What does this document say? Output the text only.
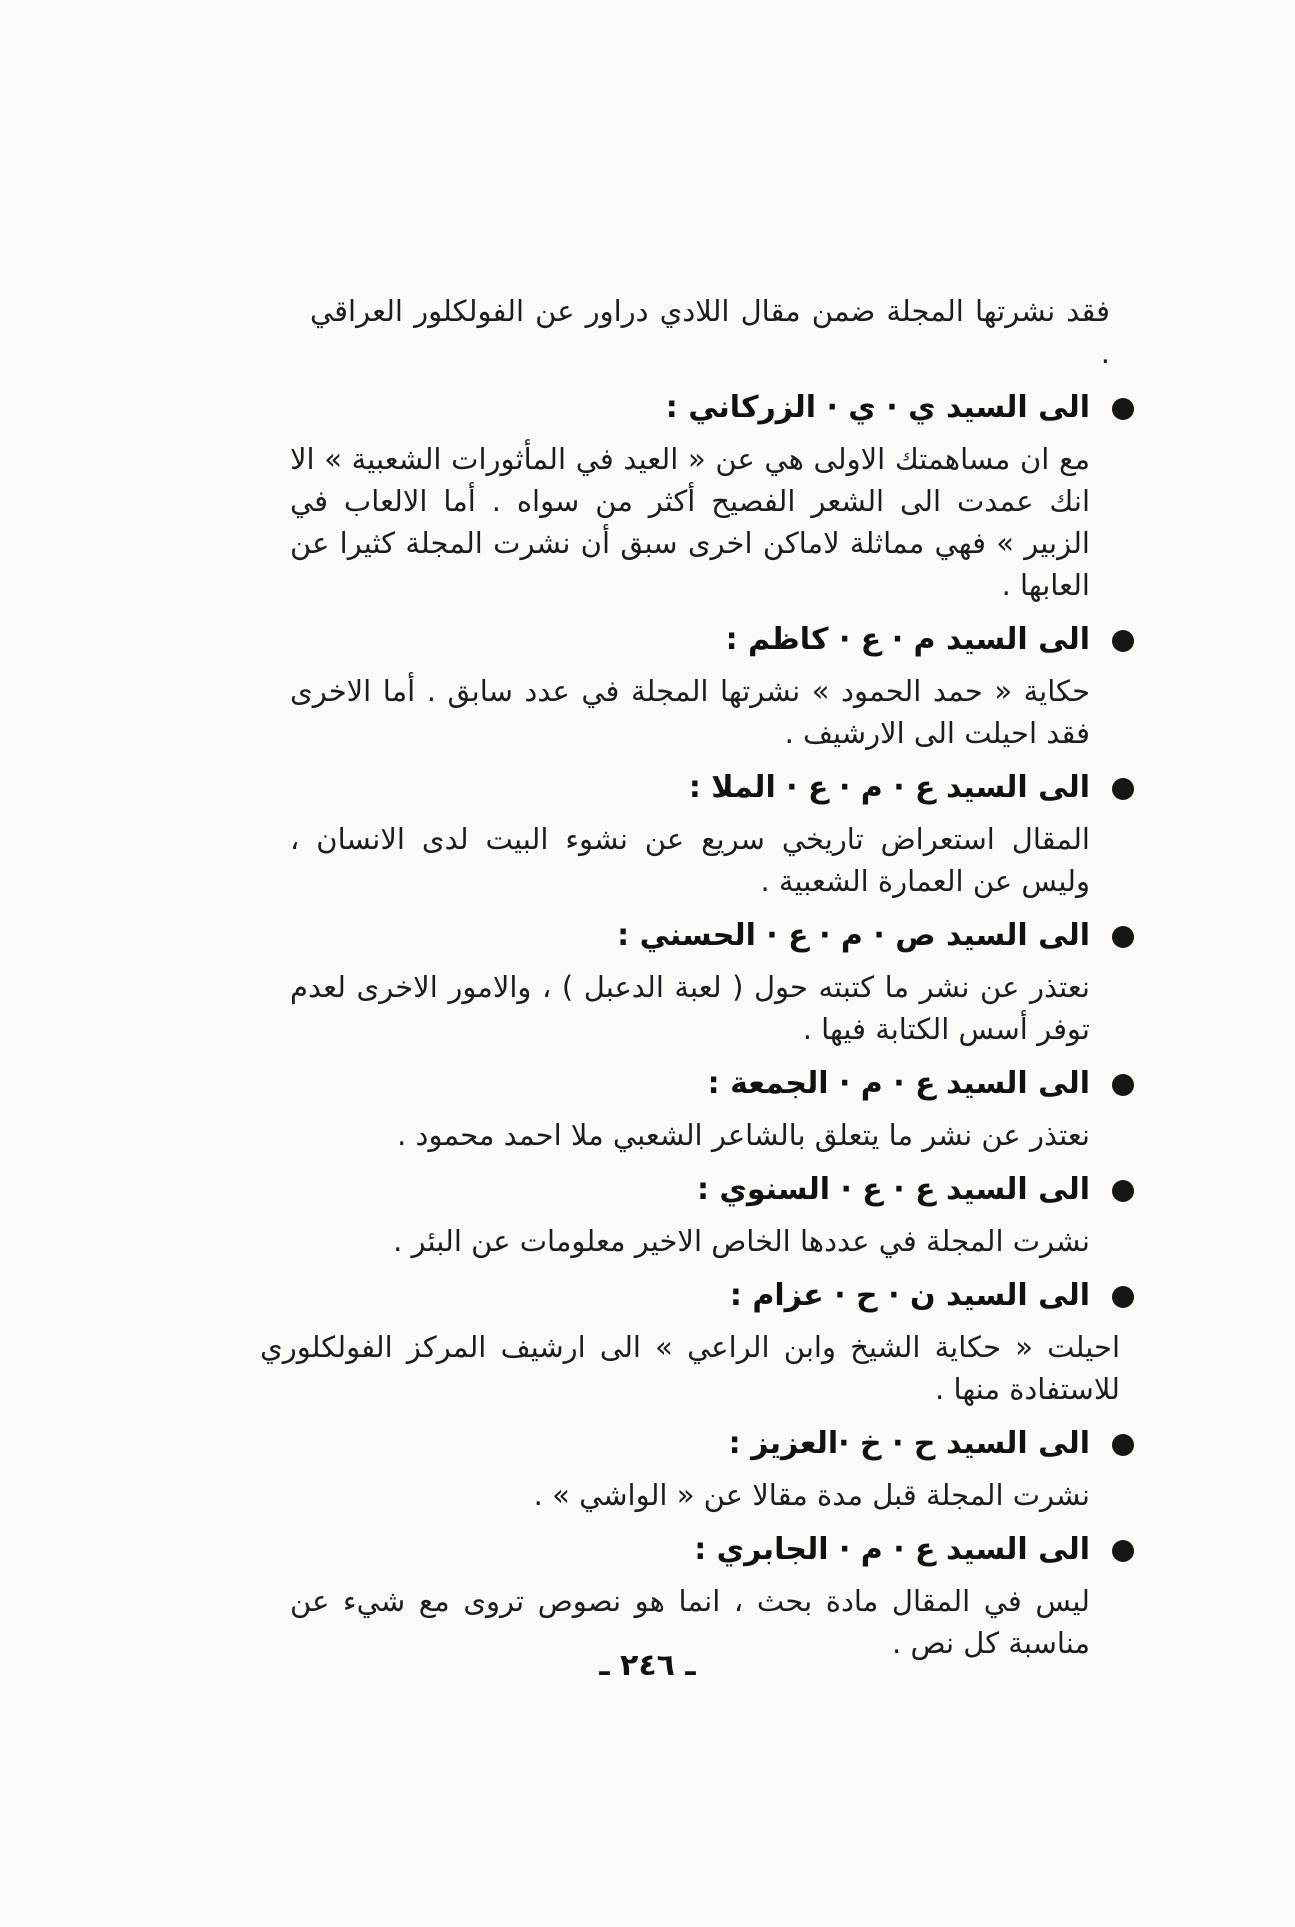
فقد نشرتها المجلة ضمن مقال اللادي دراور عن الفولكلور العراقي .

الى السيد ي · ي · الزركاني :

مع ان مساهمتك الاولى هي عن « العيد في المأثورات الشعبية » الا انك عمدت الى الشعر الفصيح أكثر من سواه . أما الالعاب في الزبير » فهي مماثلة لاماكن اخرى سبق أن نشرت المجلة كثيرا عن العابها .

الى السيد م · ع · كاظم :

حكاية « حمد الحمود » نشرتها المجلة في عدد سابق . أما الاخرى فقد احيلت الى الارشيف .

الى السيد ع · م · ع · الملا :

المقال استعراض تاريخي سريع عن نشوء البيت لدى الانسان ، وليس عن العمارة الشعبية .

الى السيد ص · م · ع · الحسني :

نعتذر عن نشر ما كتبته حول ( لعبة الدعبل ) ، والامور الاخرى لعدم توفر أسس الكتابة فيها .

الى السيد ع · م · الجمعة :

نعتذر عن نشر ما يتعلق بالشاعر الشعبي ملا احمد محمود .

الى السيد ع · ع · السنوي :

نشرت المجلة في عددها الخاص الاخير معلومات عن البئر .

الى السيد ن · ح · عزام :

احيلت « حكاية الشيخ وابن الراعي » الى ارشيف المركز الفولكلوري للاستفادة منها .

الى السيد ح · خ ·العزيز :

نشرت المجلة قبل مدة مقالا عن « الواشي » .

الى السيد ع · م · الجابري :

ليس في المقال مادة بحث ، انما هو نصوص تروى مع شيء عن مناسبة كل نص .

ـ ٢٤٦ ـ
